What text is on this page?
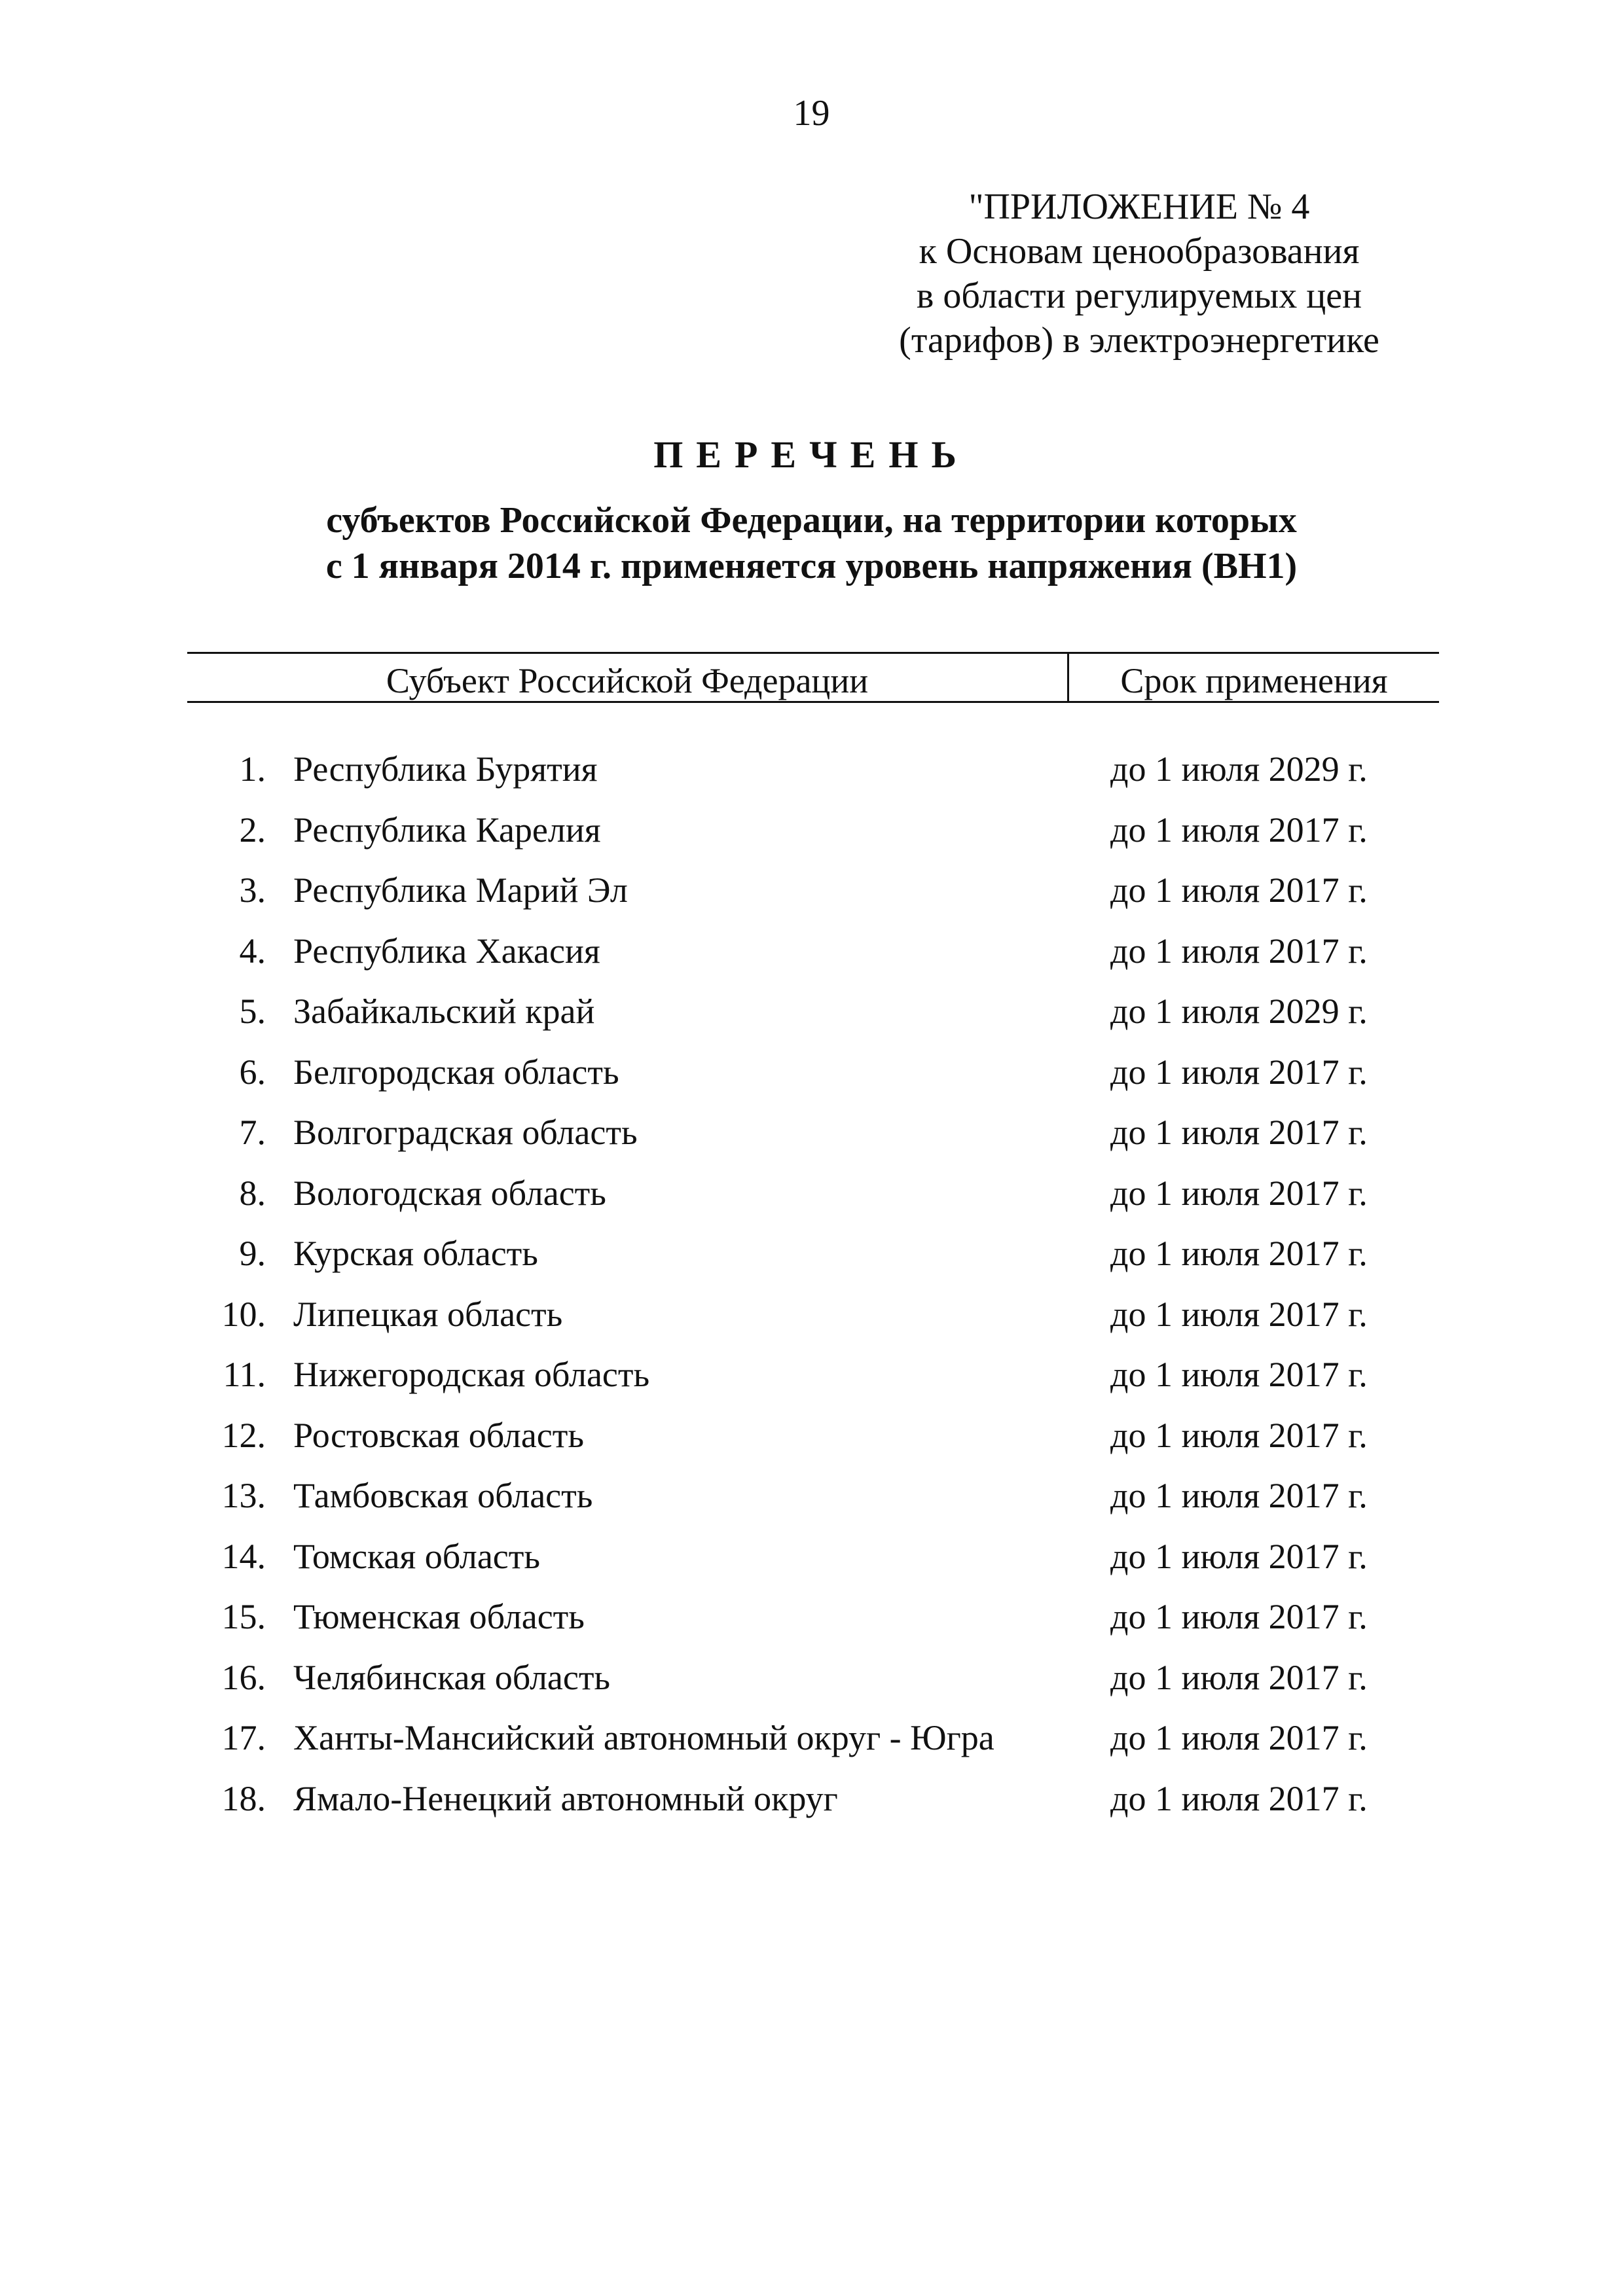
19
"ПРИЛОЖЕНИЕ № 4
к Основам ценообразования
в области регулируемых цен
(тарифов) в электроэнергетике
ПЕРЕЧЕНЬ
субъектов Российской Федерации, на территории которых
с 1 января 2014 г. применяется уровень напряжения (ВН1)
Субъект Российской Федерации	Срок применения
1. Республика Бурятия	до 1 июля 2029 г.
2. Республика Карелия	до 1 июля 2017 г.
3. Республика Марий Эл	до 1 июля 2017 г.
4. Республика Хакасия	до 1 июля 2017 г.
5. Забайкальский край	до 1 июля 2029 г.
6. Белгородская область	до 1 июля 2017 г.
7. Волгоградская область	до 1 июля 2017 г.
8. Вологодская область	до 1 июля 2017 г.
9. Курская область	до 1 июля 2017 г.
10. Липецкая область	до 1 июля 2017 г.
11. Нижегородская область	до 1 июля 2017 г.
12. Ростовская область	до 1 июля 2017 г.
13. Тамбовская область	до 1 июля 2017 г.
14. Томская область	до 1 июля 2017 г.
15. Тюменская область	до 1 июля 2017 г.
16. Челябинская область	до 1 июля 2017 г.
17. Ханты-Мансийский автономный округ - Югра	до 1 июля 2017 г.
18. Ямало-Ненецкий автономный округ	до 1 июля 2017 г.
